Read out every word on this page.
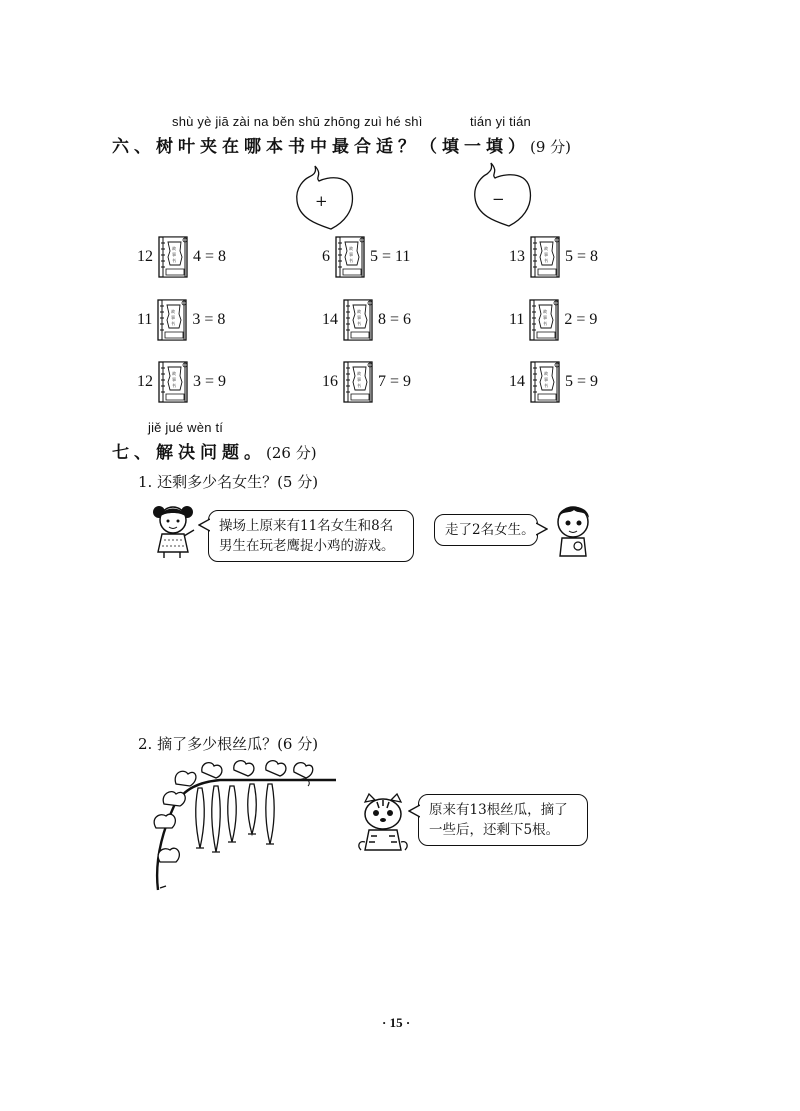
shù yè jiā zài na běn shū zhōng zuì hé shì	tián yi tián
六、树叶夹在哪本书中最合适？（填一填）(9 分)
+	−
12	4 = 8	6	5 = 11	13	5 = 8
11	3 = 8	14	8 = 6	11	2 = 9
12	3 = 9	16	7 = 9	14	5 = 9
jiě jué wèn tí
七、解决问题。(26 分)
1. 还剩多少名女生？(5 分)
操场上原来有11名女生和8名男生在玩老鹰捉小鸡的游戏。
走了2名女生。
2. 摘了多少根丝瓜？(6 分)
原来有13根丝瓜，摘了一些后，还剩下5根。
· 15 ·
